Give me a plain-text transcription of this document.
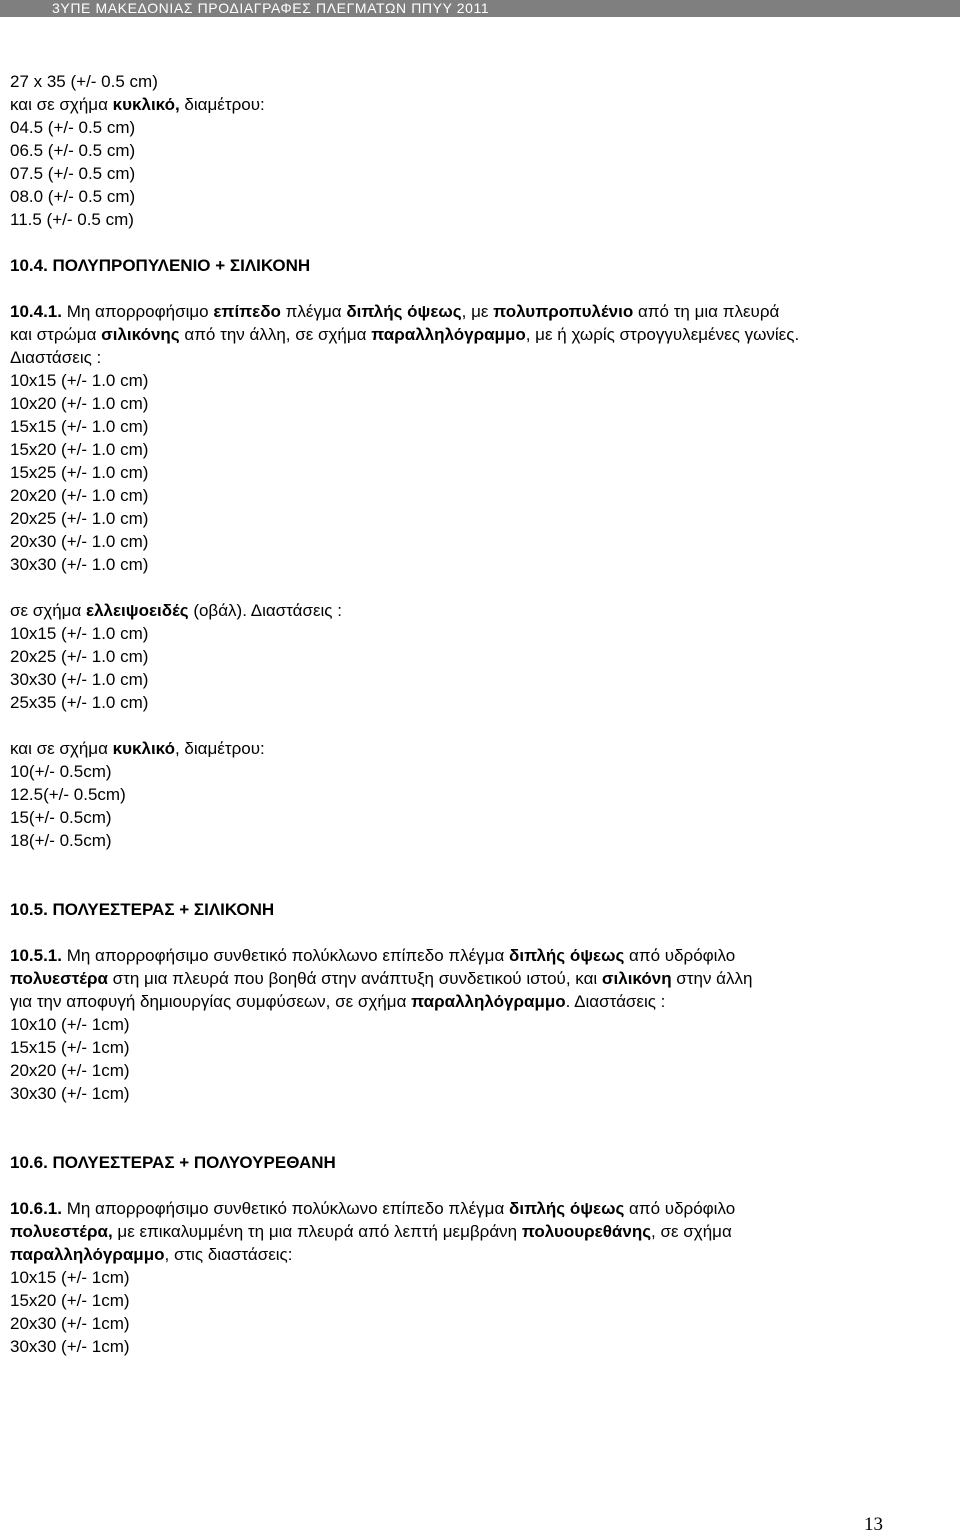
3ΥΠΕ ΜΑΚΕΔΟΝΙΑΣ ΠΡΟΔΙΑΓΡΑΦΕΣ ΠΛΕΓΜΑΤΩΝ ΠΠΥΥ 2011
27 x 35 (+/- 0.5 cm)
και σε σχήμα κυκλικό, διαμέτρου:
04.5 (+/- 0.5 cm)
06.5 (+/- 0.5 cm)
07.5 (+/- 0.5 cm)
08.0 (+/- 0.5 cm)
11.5 (+/- 0.5 cm)
10.4. ΠΟΛΥΠΡΟΠΥΛΕΝΙΟ + ΣΙΛΙΚΟΝΗ
10.4.1. Μη απορροφήσιμο επίπεδο πλέγμα διπλής όψεως, με πολυπροπυλένιο από τη μια πλευρά
και στρώμα σιλικόνης από την άλλη, σε σχήμα παραλληλόγραμμο, με ή χωρίς στρογγυλεμένες γωνίες.
Διαστάσεις :
10x15 (+/- 1.0 cm)
10x20 (+/- 1.0 cm)
15x15 (+/- 1.0 cm)
15x20 (+/- 1.0 cm)
15x25 (+/- 1.0 cm)
20x20 (+/- 1.0 cm)
20x25 (+/- 1.0 cm)
20x30 (+/- 1.0 cm)
30x30 (+/- 1.0 cm)
σε σχήμα ελλειψοειδές (οβάλ). Διαστάσεις :
10x15 (+/- 1.0 cm)
20x25 (+/- 1.0 cm)
30x30 (+/- 1.0 cm)
25x35 (+/- 1.0 cm)
και σε σχήμα κυκλικό, διαμέτρου:
10(+/- 0.5cm)
12.5(+/- 0.5cm)
15(+/- 0.5cm)
18(+/- 0.5cm)
10.5. ΠΟΛΥΕΣΤΕΡΑΣ + ΣΙΛΙΚΟΝΗ
10.5.1. Μη απορροφήσιμο συνθετικό πολύκλωνο επίπεδο πλέγμα διπλής όψεως από υδρόφιλο
πολυεστέρα στη μια πλευρά που βοηθά στην ανάπτυξη συνδετικού ιστού, και σιλικόνη στην άλλη
για την αποφυγή δημιουργίας συμφύσεων, σε σχήμα παραλληλόγραμμο. Διαστάσεις :
10x10 (+/- 1cm)
15x15 (+/- 1cm)
20x20 (+/- 1cm)
30x30 (+/- 1cm)
10.6. ΠΟΛΥΕΣΤΕΡΑΣ + ΠΟΛΥΟΥΡΕΘΑΝΗ
10.6.1. Μη απορροφήσιμο συνθετικό πολύκλωνο επίπεδο πλέγμα διπλής όψεως από υδρόφιλο
πολυεστέρα, με επικαλυμμένη τη μια πλευρά από λεπτή μεμβράνη πολυουρεθάνης, σε σχήμα
παραλληλόγραμμο, στις διαστάσεις:
10x15 (+/- 1cm)
15x20 (+/- 1cm)
20x30 (+/- 1cm)
30x30 (+/- 1cm)
13
